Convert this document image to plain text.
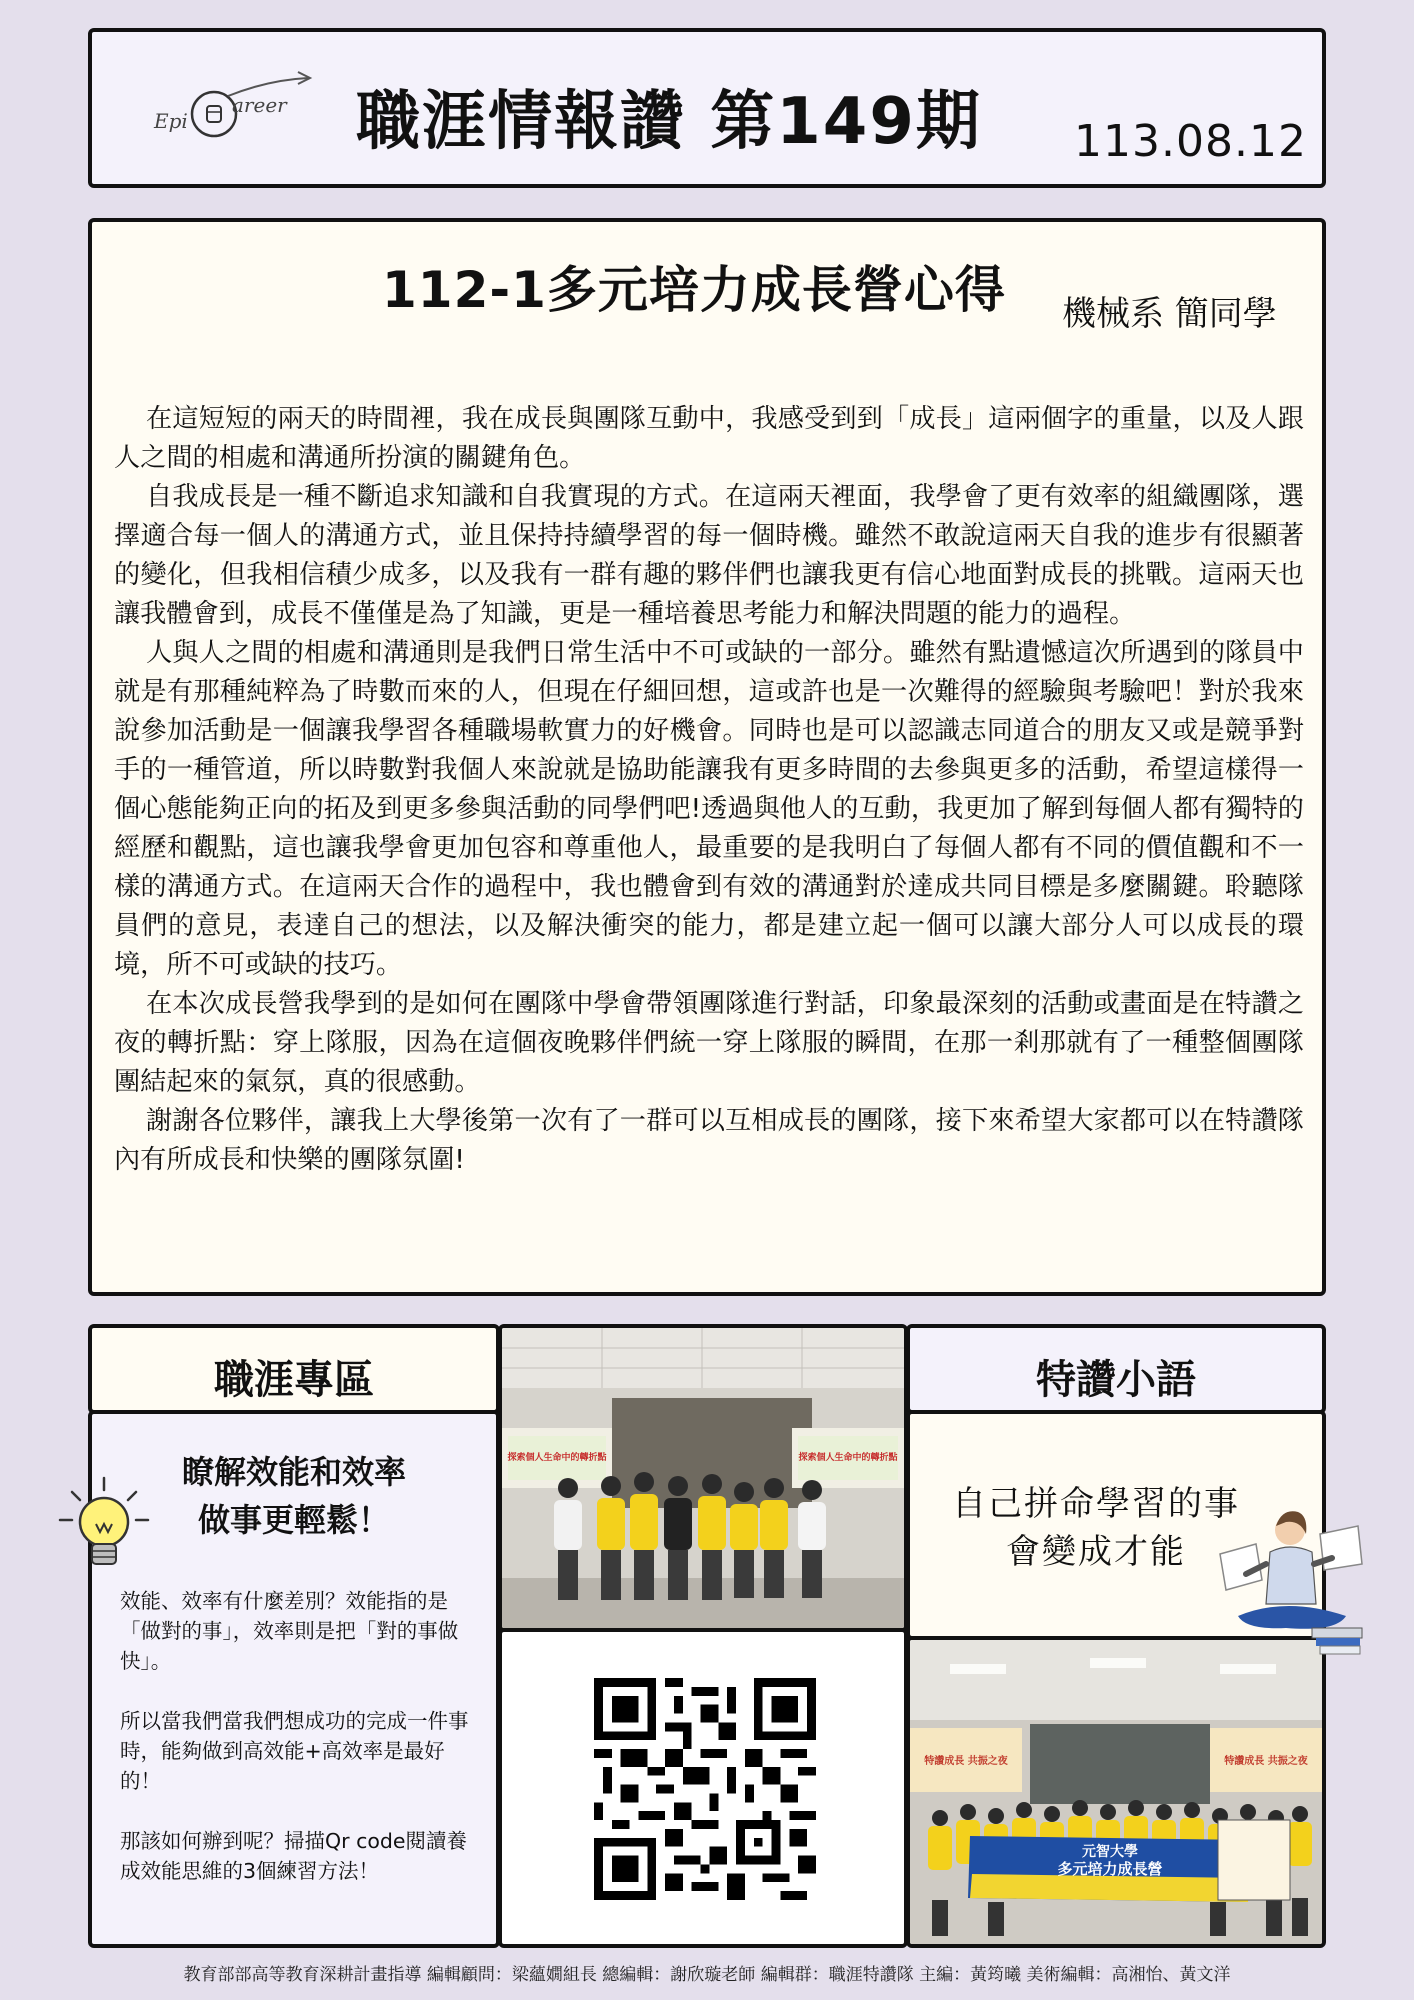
Epi
areer 職涯情報讚 第149期 113.08.12
112-1多元培力成長營心得 機械系 簡同學

在這短短的兩天的時間裡，我在成長與團隊互動中，我感受到到「成長」這兩個字的重量，以及人跟人之間的相處和溝通所扮演的關鍵角色。

自我成長是一種不斷追求知識和自我實現的方式。在這兩天裡面，我學會了更有效率的組織團隊，選擇適合每一個人的溝通方式，並且保持持續學習的每一個時機。雖然不敢說這兩天自我的進步有很顯著的變化，但我相信積少成多，以及我有一群有趣的夥伴們也讓我更有信心地面對成長的挑戰。這兩天也讓我體會到，成長不僅僅是為了知識，更是一種培養思考能力和解決問題的能力的過程。

人與人之間的相處和溝通則是我們日常生活中不可或缺的一部分。雖然有點遺憾這次所遇到的隊員中就是有那種純粹為了時數而來的人，但現在仔細回想，這或許也是一次難得的經驗與考驗吧！對於我來說參加活動是一個讓我學習各種職場軟實力的好機會。同時也是可以認識志同道合的朋友又或是競爭對手的一種管道，所以時數對我個人來說就是協助能讓我有更多時間的去參與更多的活動，希望這樣得一個心態能夠正向的拓及到更多參與活動的同學們吧!透過與他人的互動，我更加了解到每個人都有獨特的經歷和觀點，這也讓我學會更加包容和尊重他人，最重要的是我明白了每個人都有不同的價值觀和不一樣的溝通方式。在這兩天合作的過程中，我也體會到有效的溝通對於達成共同目標是多麼關鍵。聆聽隊員們的意見，表達自己的想法，以及解決衝突的能力，都是建立起一個可以讓大部分人可以成長的環境，所不可或缺的技巧。

在本次成長營我學到的是如何在團隊中學會帶領團隊進行對話，印象最深刻的活動或畫面是在特讚之夜的轉折點：穿上隊服，因為在這個夜晚夥伴們統一穿上隊服的瞬間，在那一剎那就有了一種整個團隊團結起來的氣氛，真的很感動。

謝謝各位夥伴，讓我上大學後第一次有了一群可以互相成長的團隊，接下來希望大家都可以在特讚隊內有所成長和快樂的團隊氛圍!

職涯專區
瞭解效能和效率
做事更輕鬆！

效能、效率有什麼差別？效能指的是「做對的事」，效率則是把「對的事做快」。

所以當我們當我們想成功的完成一件事時，能夠做到高效能+高效率是最好的！

那該如何辦到呢？掃描Qr code閱讀養成效能思維的3個練習方法！

探索個人生命中的轉折點	探索個人生命中的轉折點
特讚小語
自己拼命學習的事
會變成才能
特讚成長 共振之夜	特讚成長 共振之夜
元智大學
多元培力成長營
教育部部高等教育深耕計畫指導 編輯顧問：梁蘊嫺組長 總編輯：謝欣璇老師 編輯群：職涯特讚隊 主編：黃筠曦 美術編輯：高湘怡、黃文洋
